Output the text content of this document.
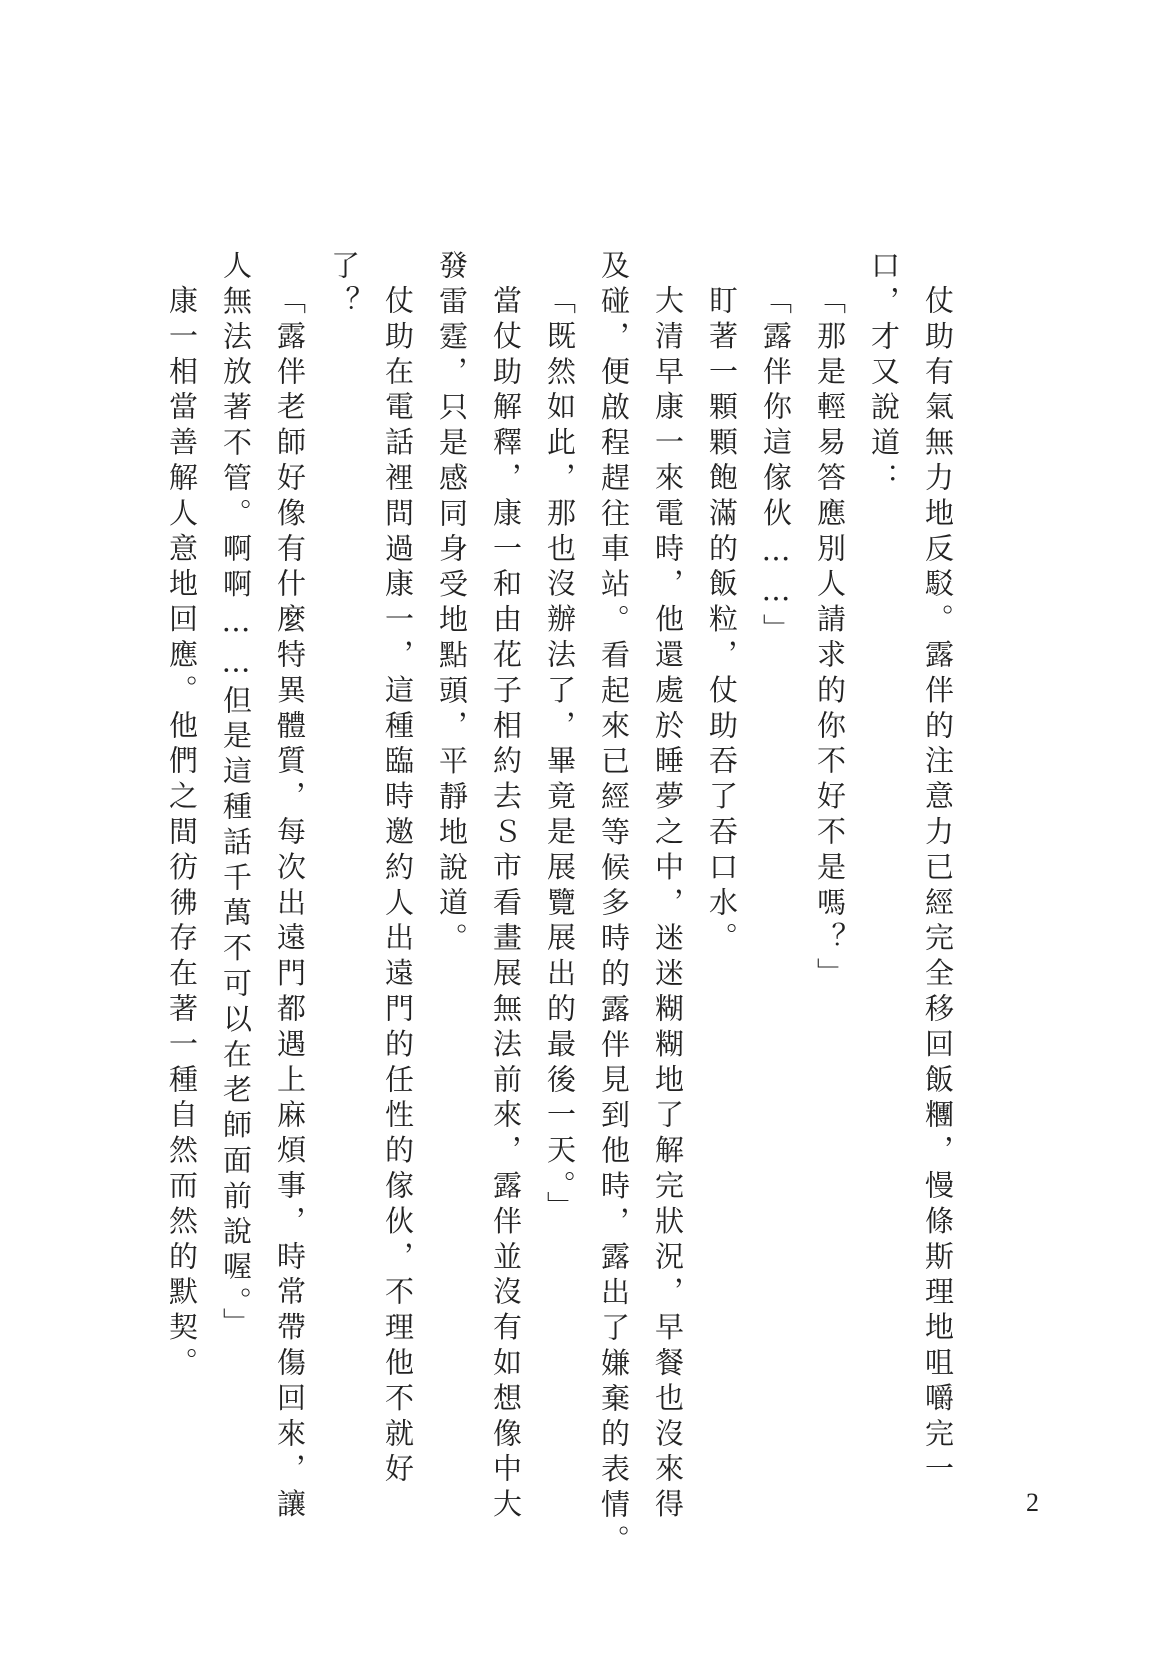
仗助有氣無力地反駁。露伴的注意力已經完全移回飯糰，慢條斯理地咀嚼完一
口，才又說道：
「那是輕易答應別人請求的你不好不是嗎？」
「露伴你這傢伙……」
盯著一顆顆飽滿的飯粒，仗助吞了吞口水。
大清早康一來電時，他還處於睡夢之中，迷迷糊糊地了解完狀況，早餐也沒來得
及碰，便啟程趕往車站。看起來已經等候多時的露伴見到他時，露出了嫌棄的表情。
「既然如此，那也沒辦法了，畢竟是展覽展出的最後一天。」
當仗助解釋，康一和由花子相約去Ｓ市看畫展無法前來，露伴並沒有如想像中大
發雷霆，只是感同身受地點頭，平靜地說道。
仗助在電話裡問過康一，這種臨時邀約人出遠門的任性的傢伙，不理他不就好
了？
「露伴老師好像有什麼特異體質，每次出遠門都遇上麻煩事，時常帶傷回來，讓
人無法放著不管。啊啊……但是這種話千萬不可以在老師面前說喔。」
康一相當善解人意地回應。他們之間彷彿存在著一種自然而然的默契。
2
